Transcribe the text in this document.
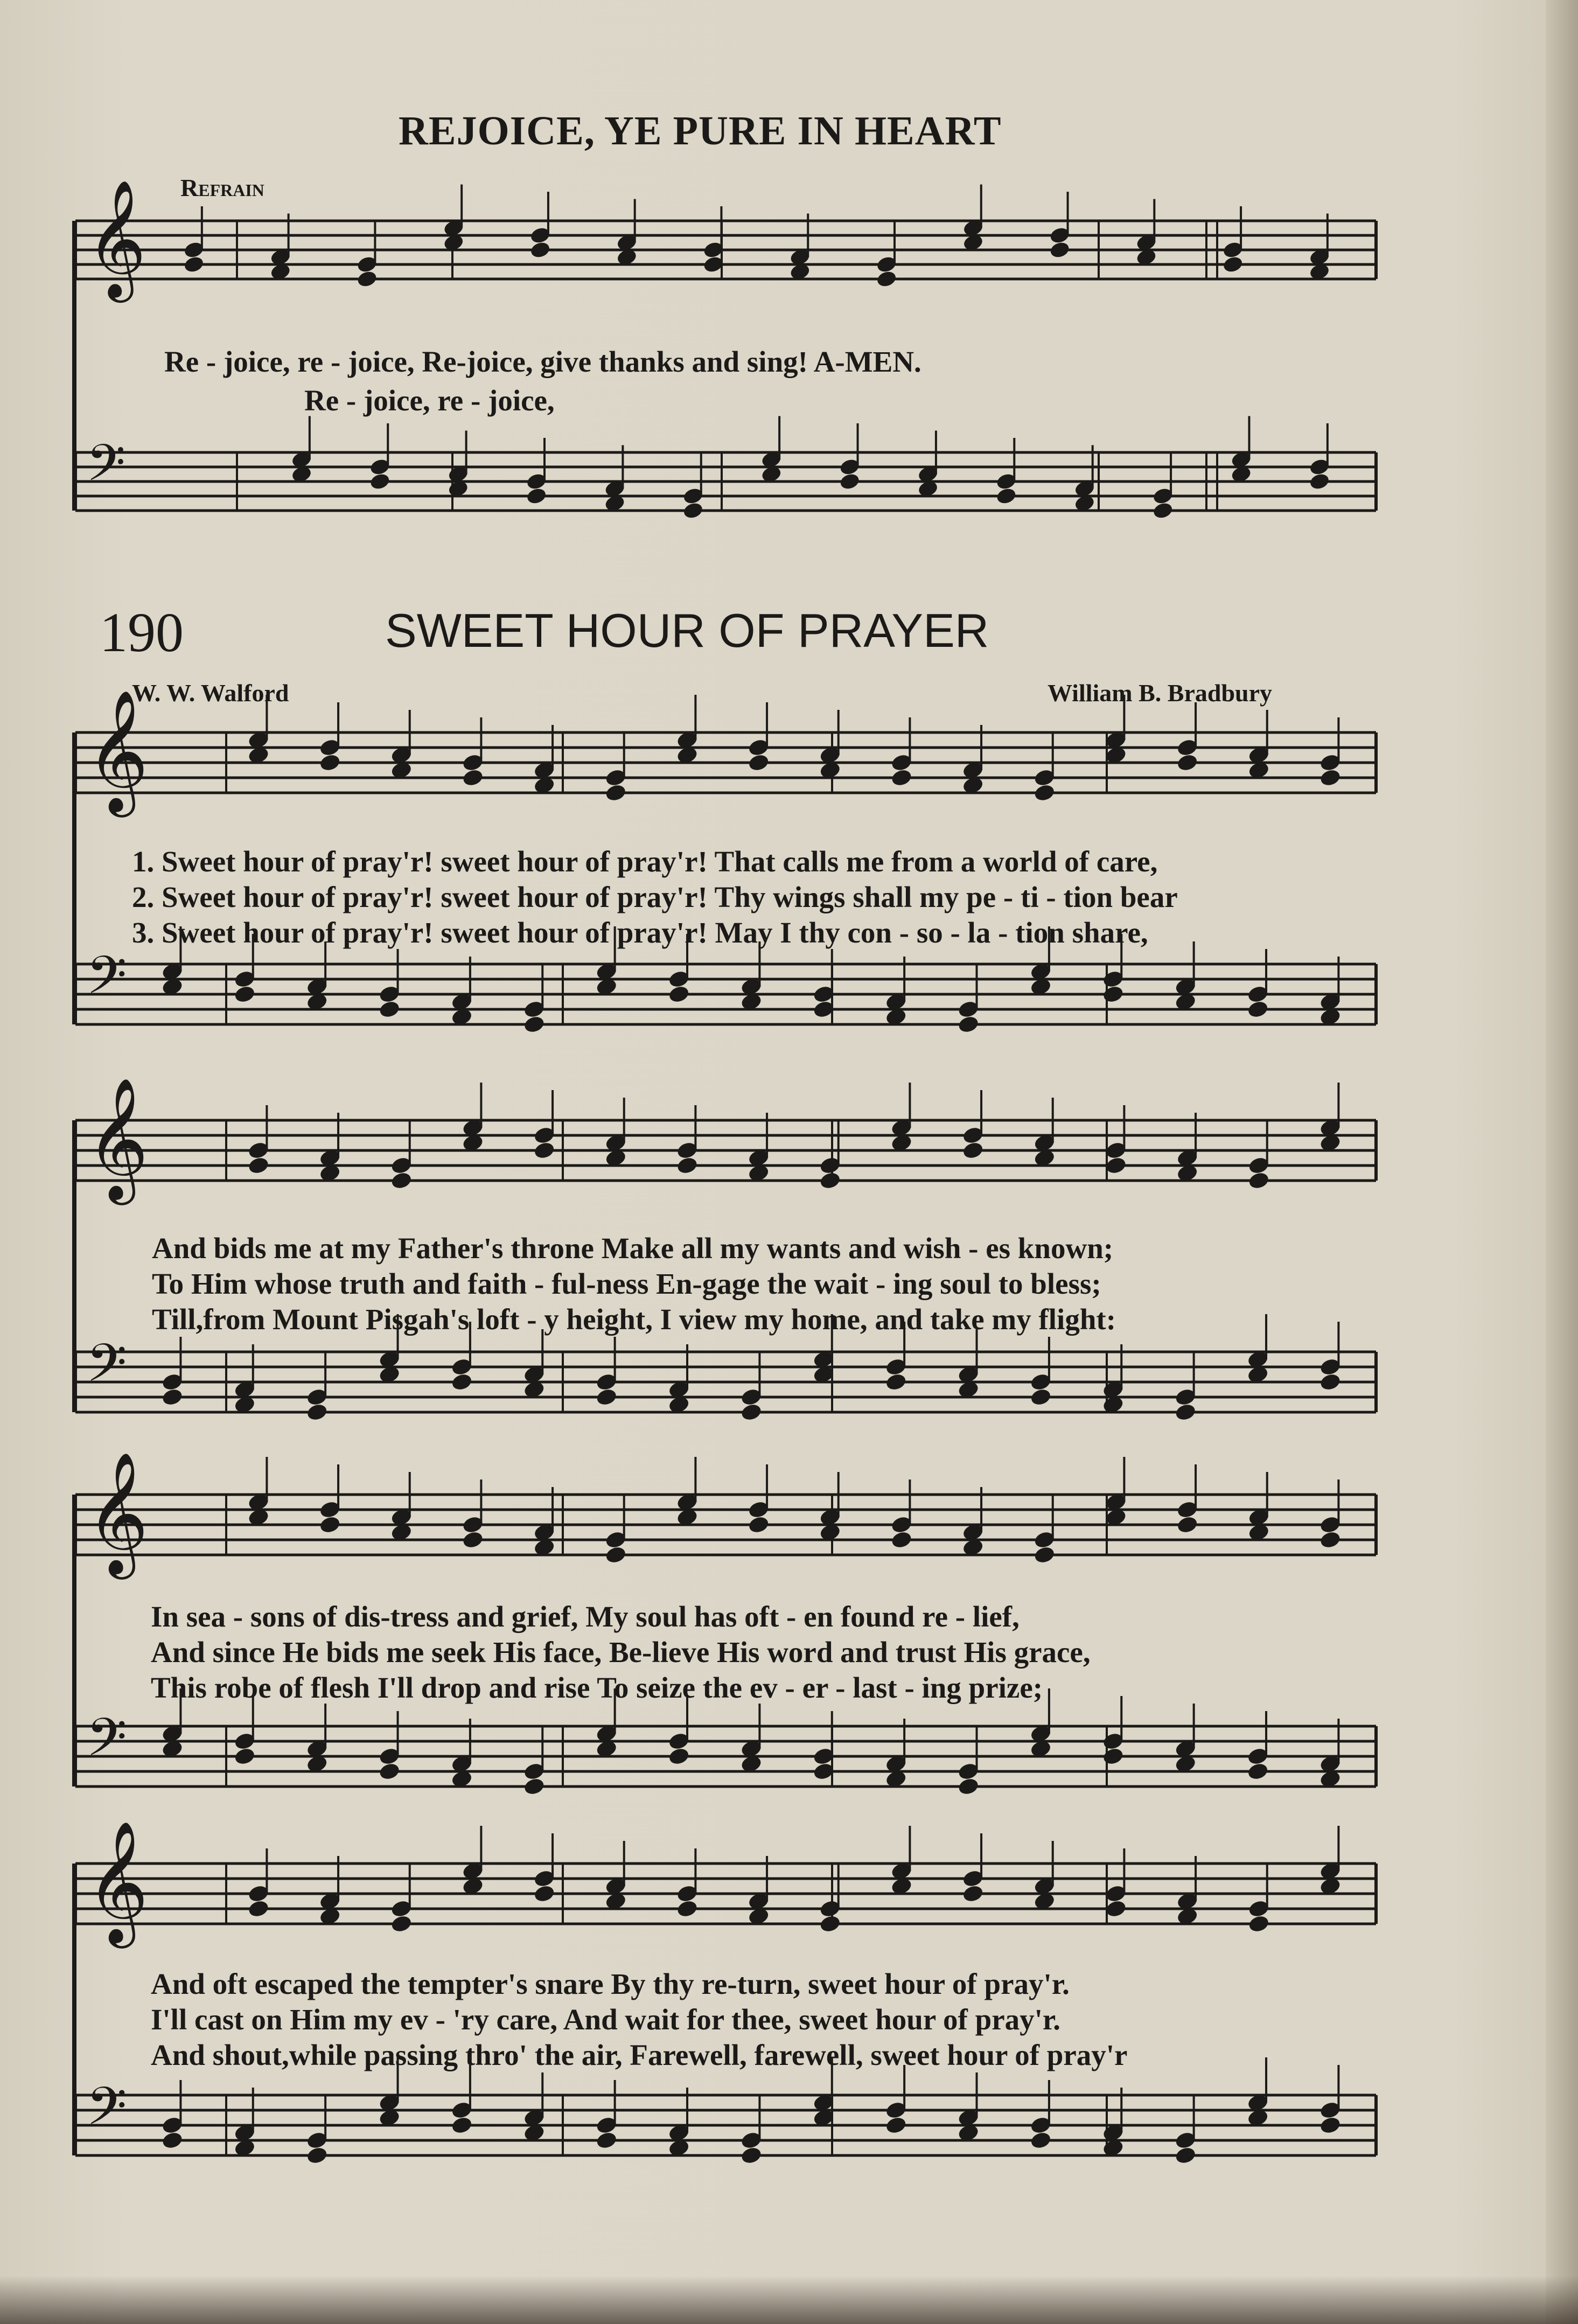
𝄞
𝄢
𝄞
𝄢
𝄞
𝄢
𝄞
𝄢
𝄞
𝄢
REJOICE, YE PURE IN HEART
Refrain
Re - joice, re - joice, Re-joice, give thanks and sing! A-MEN.
Re - joice, re - joice,
190	SWEET HOUR OF PRAYER
W. W. Walford	William B. Bradbury
1. Sweet hour of pray'r! sweet hour of pray'r! That calls me from a world of care,
2. Sweet hour of pray'r! sweet hour of pray'r! Thy wings shall my pe - ti - tion bear
3. Sweet hour of pray'r! sweet hour of pray'r! May I thy con - so - la - tion share,
And bids me at my Father's throne Make all my wants and wish - es known;
To Him whose truth and faith - ful-ness En-gage the wait - ing soul to bless;
Till,from Mount Pisgah's loft - y height, I view my home, and take my flight:
In sea - sons of dis-tress and grief, My soul has oft - en found re - lief,
And since He bids me seek His face, Be-lieve His word and trust His grace,
This robe of flesh I'll drop and rise To seize the ev - er - last - ing prize;
And oft escaped the tempter's snare By thy re-turn, sweet hour of pray'r.
I'll cast on Him my ev - 'ry care, And wait for thee, sweet hour of pray'r.
And shout,while passing thro' the air, Farewell, farewell, sweet hour of pray'r
